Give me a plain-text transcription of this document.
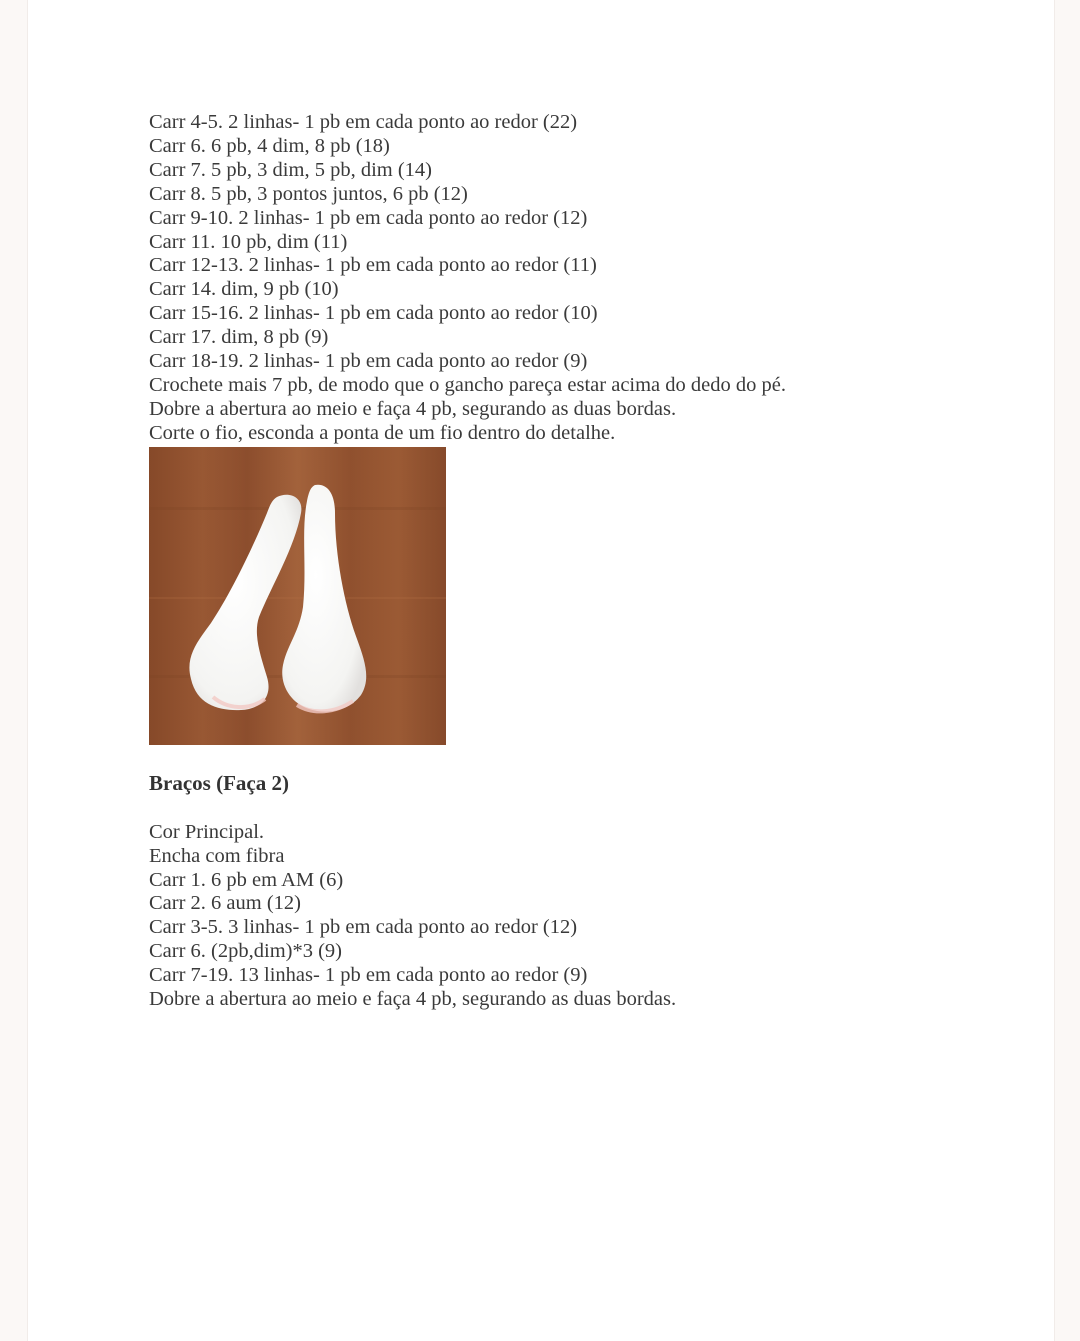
Carr 4-5. 2 linhas- 1 pb em cada ponto ao redor (22)
Carr 6. 6 pb, 4 dim, 8 pb (18)
Carr 7. 5 pb, 3 dim, 5 pb, dim (14)
Carr 8. 5 pb, 3 pontos juntos, 6 pb (12)
Carr 9-10. 2 linhas- 1 pb em cada ponto ao redor (12)
Carr 11. 10 pb, dim (11)
Carr 12-13. 2 linhas- 1 pb em cada ponto ao redor (11)
Carr 14. dim, 9 pb (10)
Carr 15-16. 2 linhas- 1 pb em cada ponto ao redor (10)
Carr 17. dim, 8 pb (9)
Carr 18-19. 2 linhas- 1 pb em cada ponto ao redor (9)
Crochete mais 7 pb, de modo que o gancho pareça estar acima do dedo do pé.
Dobre a abertura ao meio e faça 4 pb, segurando as duas bordas.
Corte o fio, esconda a ponta de um fio dentro do detalhe.
Braços (Faça 2)
Cor Principal.
Encha com fibra
Carr 1. 6 pb em AM (6)
Carr 2. 6 aum (12)
Carr 3-5. 3 linhas- 1 pb em cada ponto ao redor (12)
Carr 6. (2pb,dim)*3 (9)
Carr 7-19. 13 linhas- 1 pb em cada ponto ao redor (9)
Dobre a abertura ao meio e faça 4 pb, segurando as duas bordas.
